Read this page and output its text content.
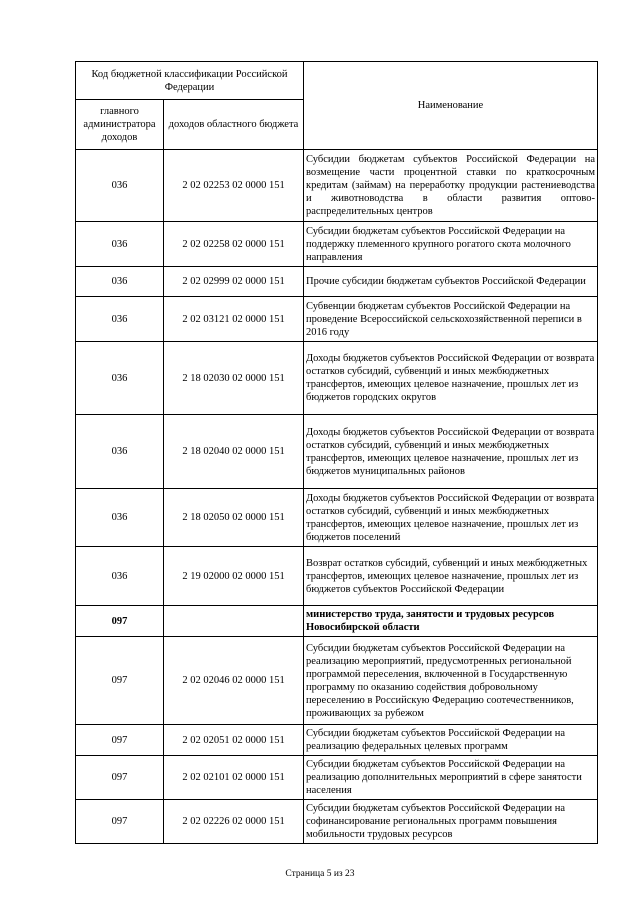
Код бюджетной классификации Российской Федерации		Наименование
главного администратора доходов	доходов областного бюджета	
036	2 02 02253 02 0000 151	Субсидии бюджетам субъектов Российской Федерации на возмещение части процентной ставки по краткосрочным кредитам (займам) на переработку продукции растениеводства и животноводства в области развития оптово-распределительных центров
036	2 02 02258 02 0000 151	Субсидии бюджетам субъектов Российской Федерации на поддержку племенного крупного рогатого скота молочного направления
036	2 02 02999 02 0000 151	Прочие субсидии бюджетам субъектов Российской Федерации
036	2 02 03121 02 0000 151	Субвенции бюджетам субъектов Российской Федерации на проведение Всероссийской сельскохозяйственной переписи в 2016 году
036	2 18 02030 02 0000 151	Доходы бюджетов субъектов Российской Федерации от возврата остатков субсидий, субвенций и иных межбюджетных трансфертов, имеющих целевое назначение, прошлых лет из бюджетов городских округов
036	2 18 02040 02 0000 151	Доходы бюджетов субъектов Российской Федерации от возврата остатков субсидий, субвенций и иных межбюджетных трансфертов, имеющих целевое назначение, прошлых лет из бюджетов муниципальных районов
036	2 18 02050 02 0000 151	Доходы бюджетов субъектов Российской Федерации от возврата остатков субсидий, субвенций и иных межбюджетных трансфертов, имеющих целевое назначение, прошлых лет из бюджетов поселений
036	2 19 02000 02 0000 151	Возврат остатков субсидий, субвенций и иных межбюджетных трансфертов, имеющих целевое назначение, прошлых лет из бюджетов субъектов Российской Федерации
097		министерство труда, занятости и трудовых ресурсов Новосибирской области
097	2 02 02046 02 0000 151	Субсидии бюджетам субъектов Российской Федерации на реализацию мероприятий, предусмотренных региональной программой переселения, включенной в Государственную программу по оказанию содействия добровольному переселению в Российскую Федерацию соотечественников, проживающих за рубежом
097	2 02 02051 02 0000 151	Субсидии бюджетам субъектов Российской Федерации на реализацию федеральных целевых программ
097	2 02 02101 02 0000 151	Субсидии бюджетам субъектов Российской Федерации на реализацию дополнительных мероприятий в сфере занятости населения
097	2 02 02226 02 0000 151	Субсидии бюджетам субъектов Российской Федерации на софинансирование региональных программ повышения мобильности трудовых ресурсов
Страница 5 из 23
